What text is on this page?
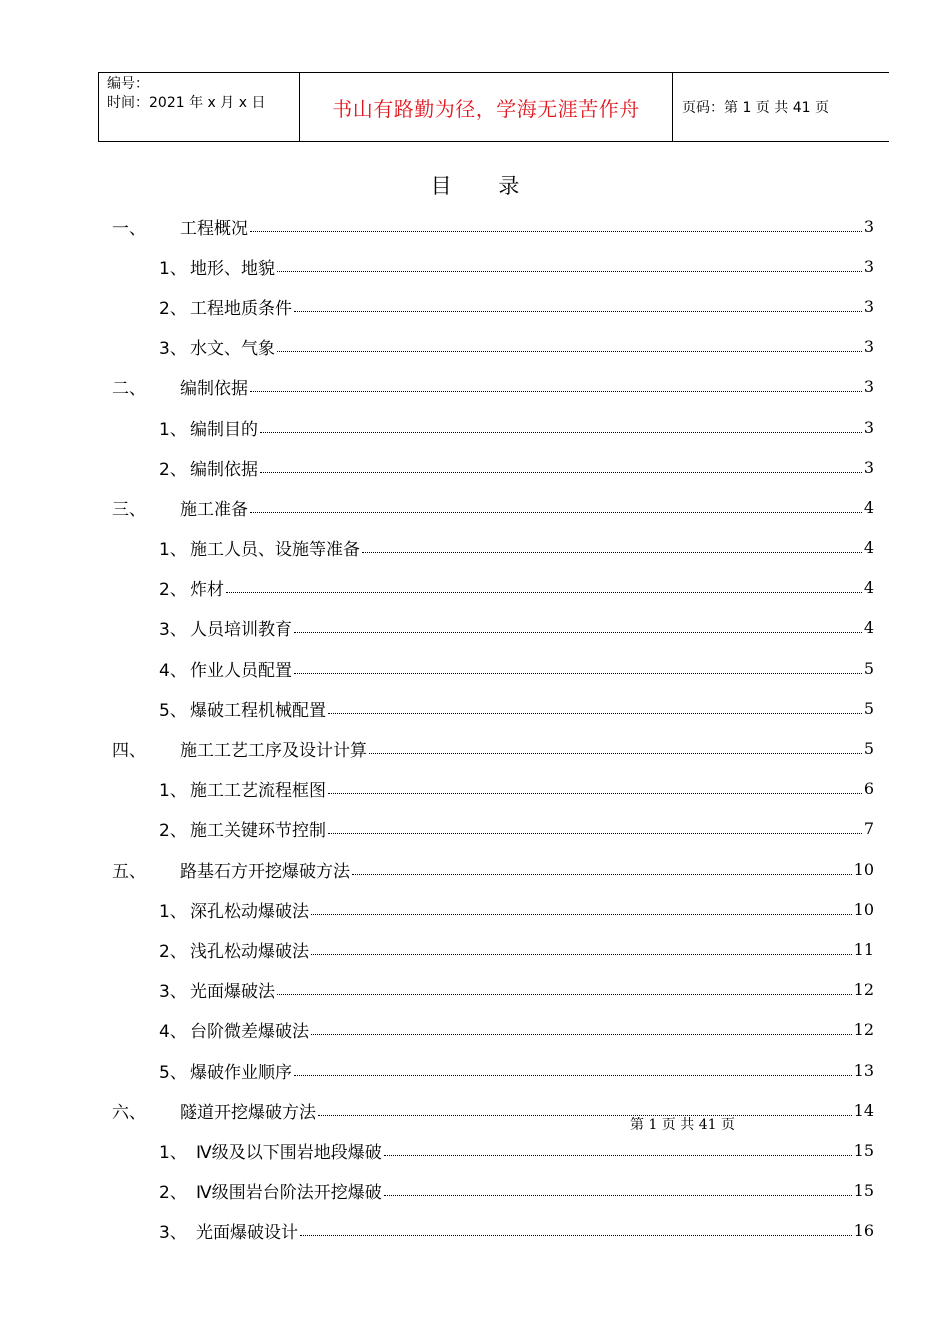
编号：
时间：2021 年 x 月 x 日	书山有路勤为径，学海无涯苦作舟	页码：第 1 页 共 41 页
目 录
一、	工程概况	3
1、 地形、地貌	3
2、 工程地质条件	3
3、 水文、气象	3
二、	编制依据	3
1、 编制目的	3
2、 编制依据	3
三、	施工准备	4
1、 施工人员、设施等准备	4
2、 炸材	4
3、 人员培训教育	4
4、 作业人员配置	5
5、 爆破工程机械配置	5
四、	施工工艺工序及设计计算	5
1、 施工工艺流程框图	6
2、 施工关键环节控制	7
五、	路基石方开挖爆破方法	10
1、 深孔松动爆破法	10
2、 浅孔松动爆破法	11
3、 光面爆破法	12
4、 台阶微差爆破法	12
5、 爆破作业顺序	13
六、	隧道开挖爆破方法	14
1、 Ⅳ级及以下围岩地段爆破	15
2、 Ⅳ级围岩台阶法开挖爆破	15
3、 光面爆破设计	16
第 1 页 共 41 页
